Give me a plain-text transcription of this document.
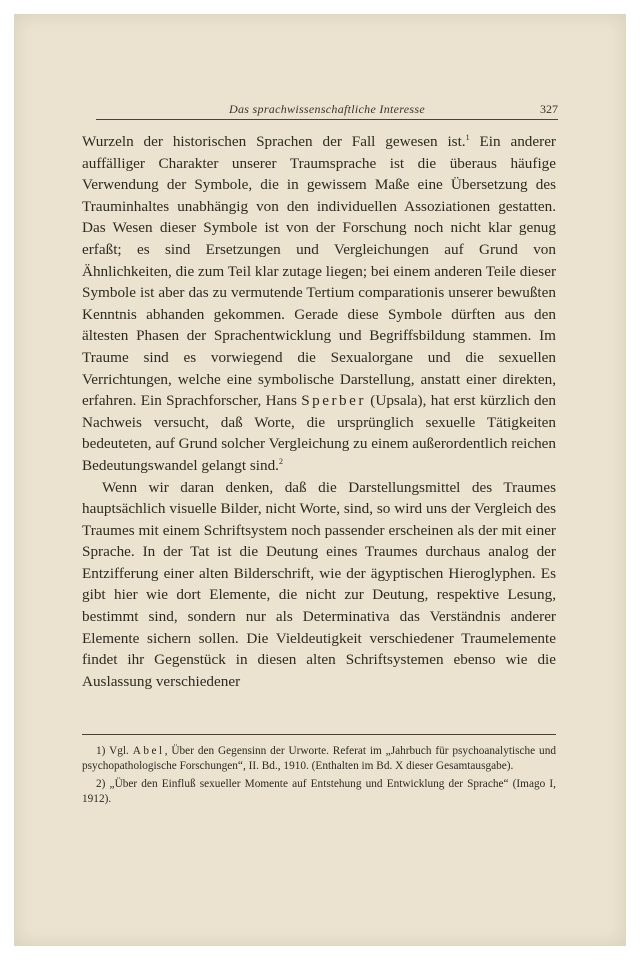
Das sprachwissenschaftliche Interesse	327

Wurzeln der historischen Sprachen der Fall gewesen ist.$^1$ Ein anderer auffälliger Charakter unserer Traumsprache ist die überaus häufige Verwendung der Symbole, die in gewissem Maße eine Übersetzung des Trauminhaltes unabhängig von den individuellen Assoziationen gestatten. Das Wesen dieser Symbole ist von der Forschung noch nicht klar genug erfaßt; es sind Ersetzungen und Vergleichungen auf Grund von Ähnlichkeiten, die zum Teil klar zutage liegen; bei einem anderen Teile dieser Symbole ist aber das zu vermutende Tertium comparationis unserer bewußten Kenntnis abhanden gekommen. Gerade diese Symbole dürften aus den ältesten Phasen der Sprachentwicklung und Begriffsbildung stammen. Im Traume sind es vorwiegend die Sexualorgane und die sexuellen Verrichtungen, welche eine symbolische Darstellung, anstatt einer direkten, erfahren. Ein Sprachforscher, Hans Sperber (Upsala), hat erst kürzlich den Nachweis versucht, daß Worte, die ursprünglich sexuelle Tätigkeiten bedeuteten, auf Grund solcher Vergleichung zu einem außerordentlich reichen Bedeutungswandel gelangt sind.$^2$

Wenn wir daran denken, daß die Darstellungsmittel des Traumes hauptsächlich visuelle Bilder, nicht Worte, sind, so wird uns der Vergleich des Traumes mit einem Schriftsystem noch passender erscheinen als der mit einer Sprache. In der Tat ist die Deutung eines Traumes durchaus analog der Entzifferung einer alten Bilderschrift, wie der ägyptischen Hieroglyphen. Es gibt hier wie dort Elemente, die nicht zur Deutung, respektive Lesung, bestimmt sind, sondern nur als Determinativa das Verständnis anderer Elemente sichern sollen. Die Vieldeutigkeit verschiedener Traumelemente findet ihr Gegenstück in diesen alten Schriftsystemen ebenso wie die Auslassung verschiedener

1) Vgl. Abel, Über den Gegensinn der Urworte. Referat im „Jahrbuch für psychoanalytische und psychopathologische Forschungen“, II. Bd., 1910. (Enthalten im Bd. X dieser Gesamtausgabe).

2) „Über den Einfluß sexueller Momente auf Entstehung und Entwicklung der Sprache“ (Imago I, 1912).
